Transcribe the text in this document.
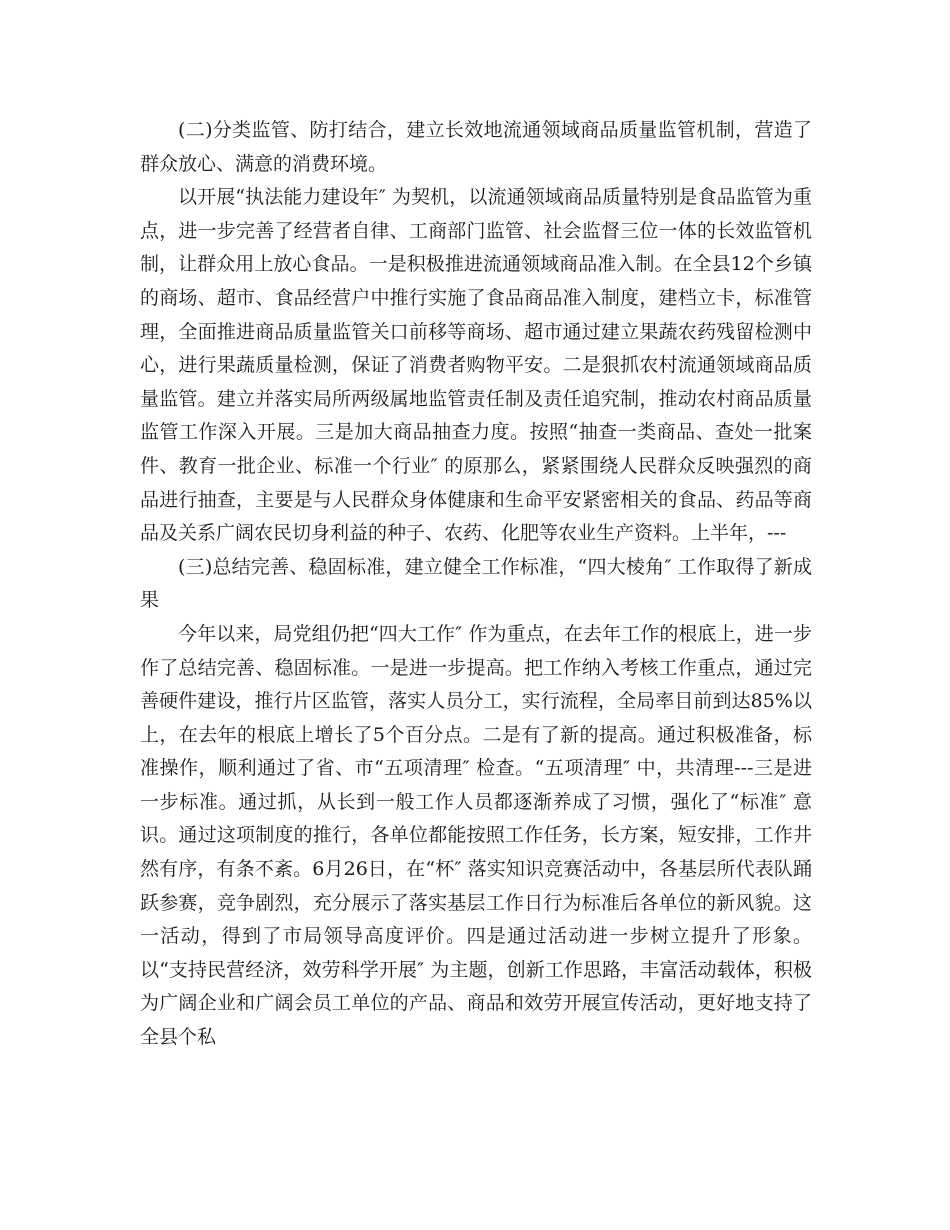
(二)分类监管、防打结合，建立长效地流通领域商品质量监管机制，营造了群众放心、满意的消费环境。

以开展“执法能力建设年″ 为契机，以流通领域商品质量特别是食品监管为重点，进一步完善了经营者自律、工商部门监管、社会监督三位一体的长效监管机制，让群众用上放心食品。一是积极推进流通领域商品准入制。在全县12个乡镇的商场、超市、食品经营户中推行实施了食品商品准入制度，建档立卡，标准管理，全面推进商品质量监管关口前移等商场、超市通过建立果蔬农药残留检测中心，进行果蔬质量检测，保证了消费者购物平安。二是狠抓农村流通领域商品质量监管。建立并落实局所两级属地监管责任制及责任追究制，推动农村商品质量监管工作深入开展。三是加大商品抽查力度。按照“抽查一类商品、查处一批案件、教育一批企业、标准一个行业″ 的原那么，紧紧围绕人民群众反映强烈的商品进行抽查，主要是与人民群众身体健康和生命平安紧密相关的食品、药品等商品及关系广阔农民切身利益的种子、农药、化肥等农业生产资料。上半年，---

(三)总结完善、稳固标准，建立健全工作标准，“四大棱角″ 工作取得了新成果

今年以来，局党组仍把“四大工作″ 作为重点，在去年工作的根底上，进一步作了总结完善、稳固标准。一是进一步提高。把工作纳入考核工作重点，通过完善硬件建设，推行片区监管，落实人员分工，实行流程，全局率目前到达85%以上，在去年的根底上增长了5个百分点。二是有了新的提高。通过积极准备，标准操作，顺利通过了省、市“五项清理″ 检查。“五项清理″ 中，共清理---三是进一步标准。通过抓，从长到一般工作人员都逐渐养成了习惯，强化了“标准″ 意识。通过这项制度的推行，各单位都能按照工作任务，长方案，短安排，工作井然有序，有条不紊。6月26日，在“杯″ 落实知识竞赛活动中，各基层所代表队踊跃参赛，竞争剧烈，充分展示了落实基层工作日行为标准后各单位的新风貌。这一活动，得到了市局领导高度评价。四是通过活动进一步树立提升了形象。以“支持民营经济，效劳科学开展″ 为主题，创新工作思路，丰富活动载体，积极为广阔企业和广阔会员工单位的产品、商品和效劳开展宣传活动，更好地支持了全县个私
